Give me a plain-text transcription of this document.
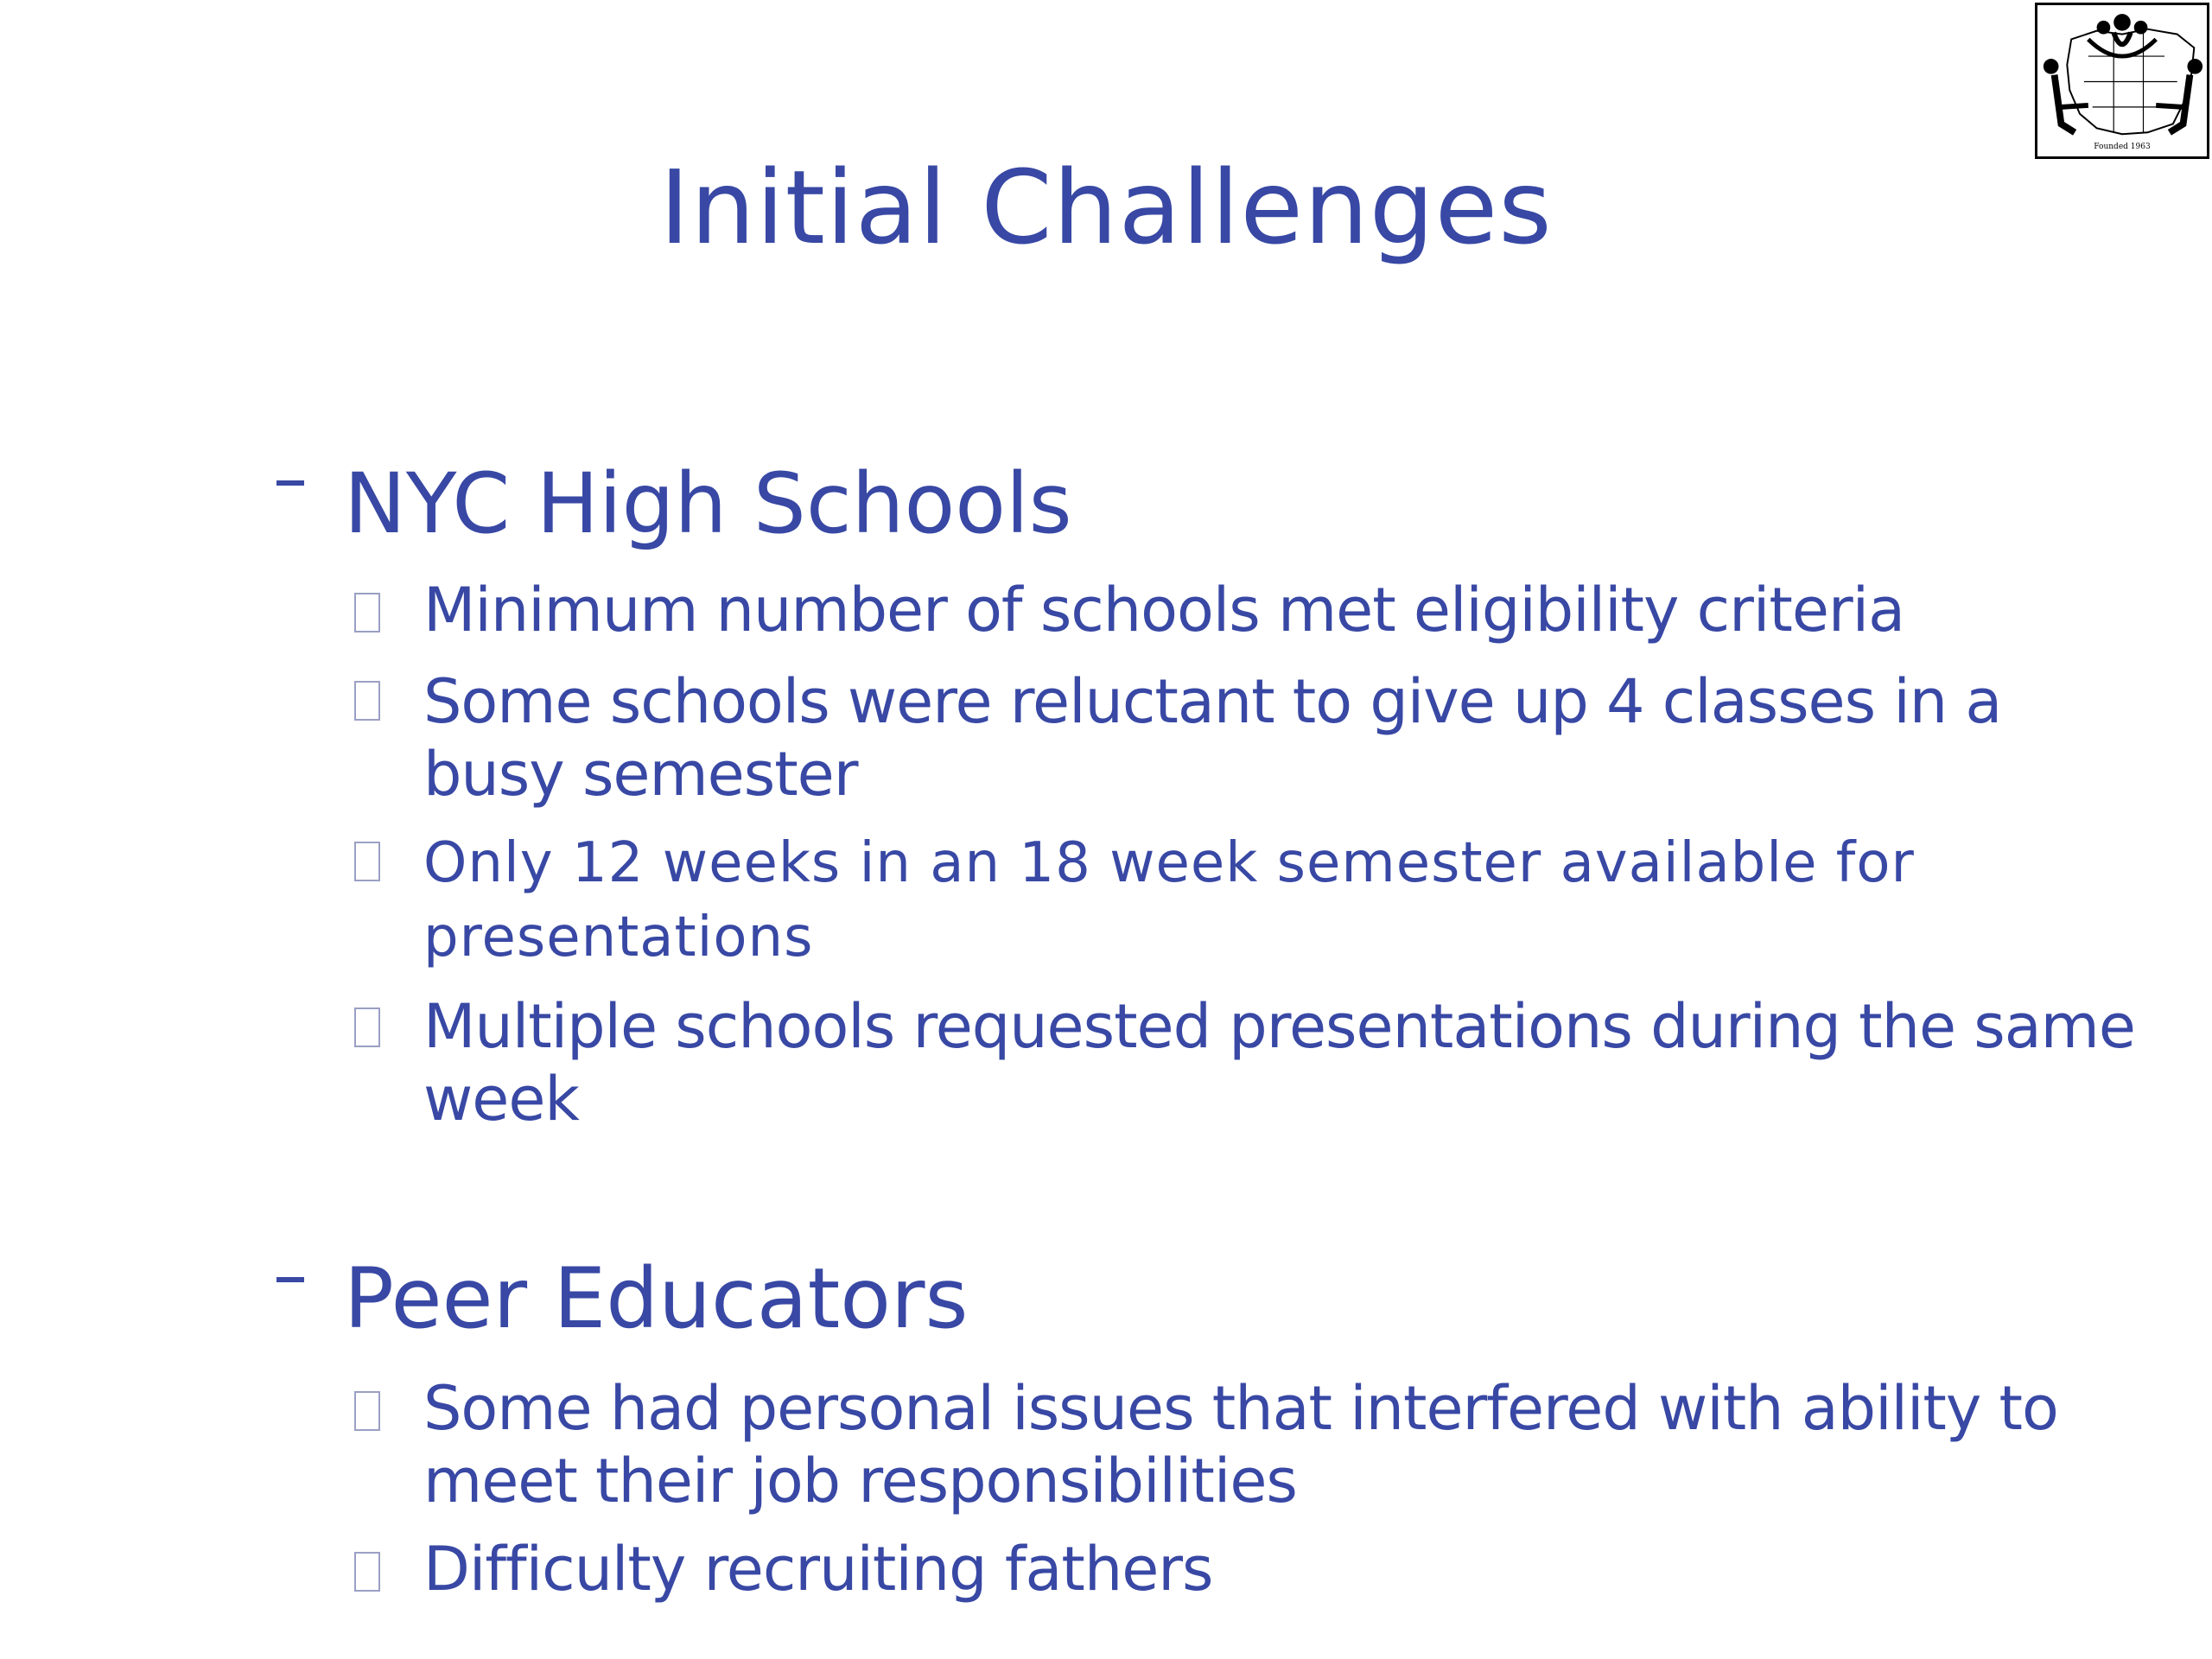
Founded 1963
Initial Challenges
NYC High Schools
Minimum number of schools met eligibility criteria
Some schools were reluctant to give up 4 classes in a busy semester
Only 12 weeks in an 18 week semester available for presentations
Multiple schools requested presentations during the same week
Peer Educators
Some had personal issues that interfered with ability to meet their job responsibilities
Difficulty recruiting fathers
